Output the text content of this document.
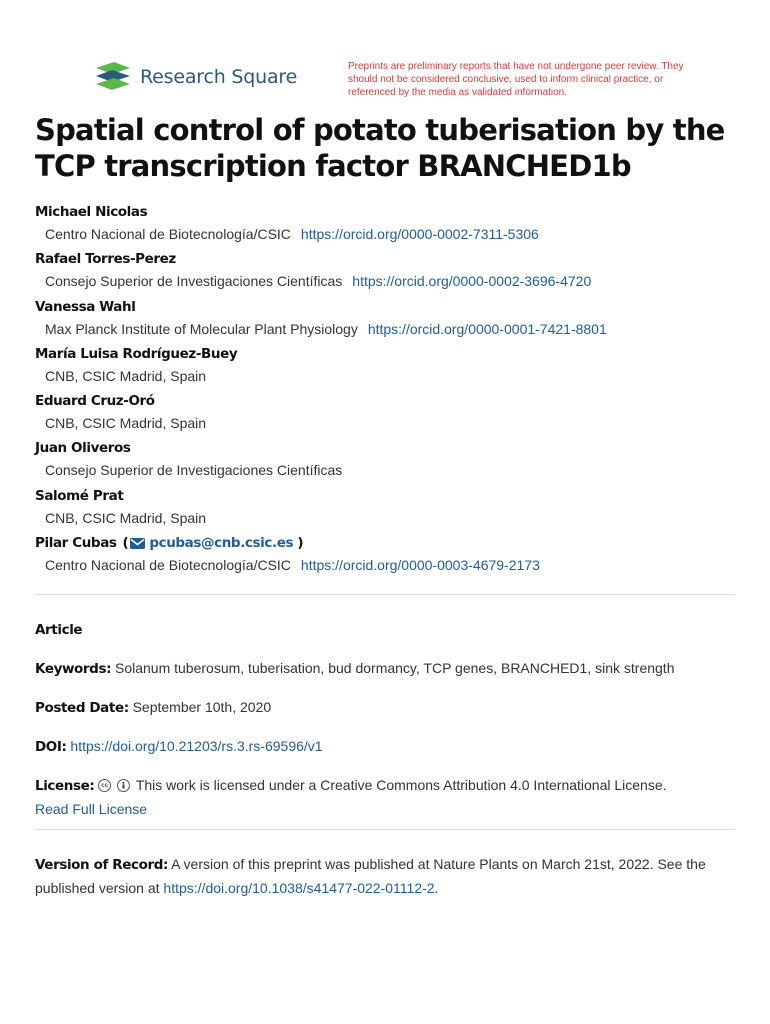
Research Square	Preprints are preliminary reports that have not undergone peer review. They should not be considered conclusive, used to inform clinical practice, or referenced by the media as validated information.
Spatial control of potato tuberisation by the TCP transcription factor BRANCHED1b
Michael Nicolas
Centro Nacional de Biotecnología/CSIC https://orcid.org/0000-0002-7311-5306
Rafael Torres-Perez
Consejo Superior de Investigaciones Científicas https://orcid.org/0000-0002-3696-4720
Vanessa Wahl
Max Planck Institute of Molecular Plant Physiology https://orcid.org/0000-0001-7421-8801
María Luisa Rodríguez-Buey
CNB, CSIC Madrid, Spain
Eduard Cruz-Oró
CNB, CSIC Madrid, Spain
Juan Oliveros
Consejo Superior de Investigaciones Científicas
Salomé Prat
CNB, CSIC Madrid, Spain
Pilar Cubas ( pcubas@cnb.csic.es )
Centro Nacional de Biotecnología/CSIC https://orcid.org/0000-0003-4679-2173
Article
Keywords: Solanum tuberosum, tuberisation, bud dormancy, TCP genes, BRANCHED1, sink strength
Posted Date: September 10th, 2020
DOI: https://doi.org/10.21203/rs.3.rs-69596/v1
License: cc
This work is licensed under a Creative Commons Attribution 4.0 International License.
Read Full License
Version of Record: A version of this preprint was published at Nature Plants on March 21st, 2022. See the published version at https://doi.org/10.1038/s41477-022-01112-2.
